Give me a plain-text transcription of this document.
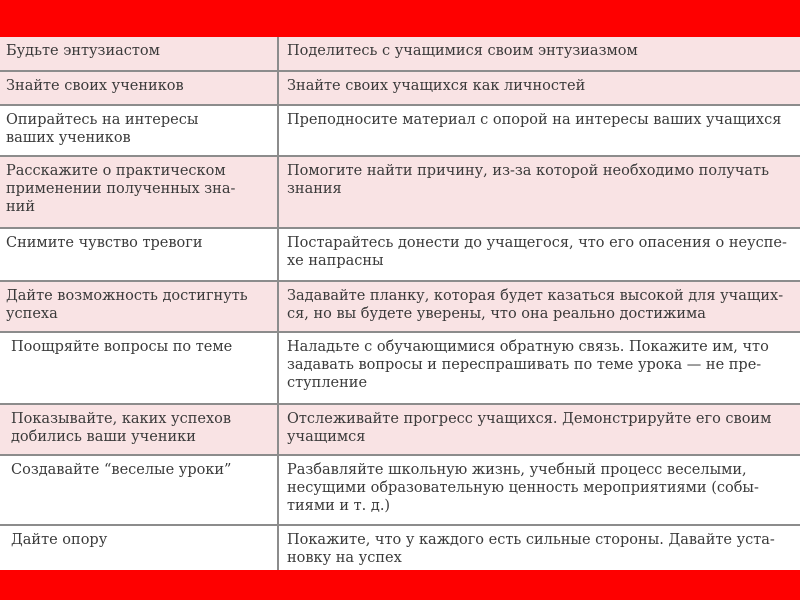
Будьте энтузиастом	Поделитесь с учащимися своим энтузиазмом

Знайте своих учеников	Знайте своих учащихся как личностей

Опирайтесь на интересы
ваших учеников	Преподносите материал с опорой на интересы ваших учащихся

Расскажите о практическом
применении полученных зна-
ний	Помогите найти причину, из-за которой необходимо получать
знания

Снимите чувство тревоги	Постарайтесь донести до учащегося, что его опасения о неуспе-
хе напрасны

Дайте возможность достигнуть
успеха	Задавайте планку, которая будет казаться высокой для учащих-
ся, но вы будете уверены, что она реально достижима

Поощряйте вопросы по теме	Наладьте с обучающимися обратную связь. Покажите им, что
задавать вопросы и переспрашивать по теме урока — не пре-
ступление

Показывайте, каких успехов
добились ваши ученики	Отслеживайте прогресс учащихся. Демонстрируйте его своим
учащимся

Создавайте “веселые уроки”	Разбавляйте школьную жизнь, учебный процесс веселыми,
несущими образовательную ценность мероприятиями (собы-
тиями и т. д.)

Дайте опору	Покажите, что у каждого есть сильные стороны. Давайте уста-
новку на успех
